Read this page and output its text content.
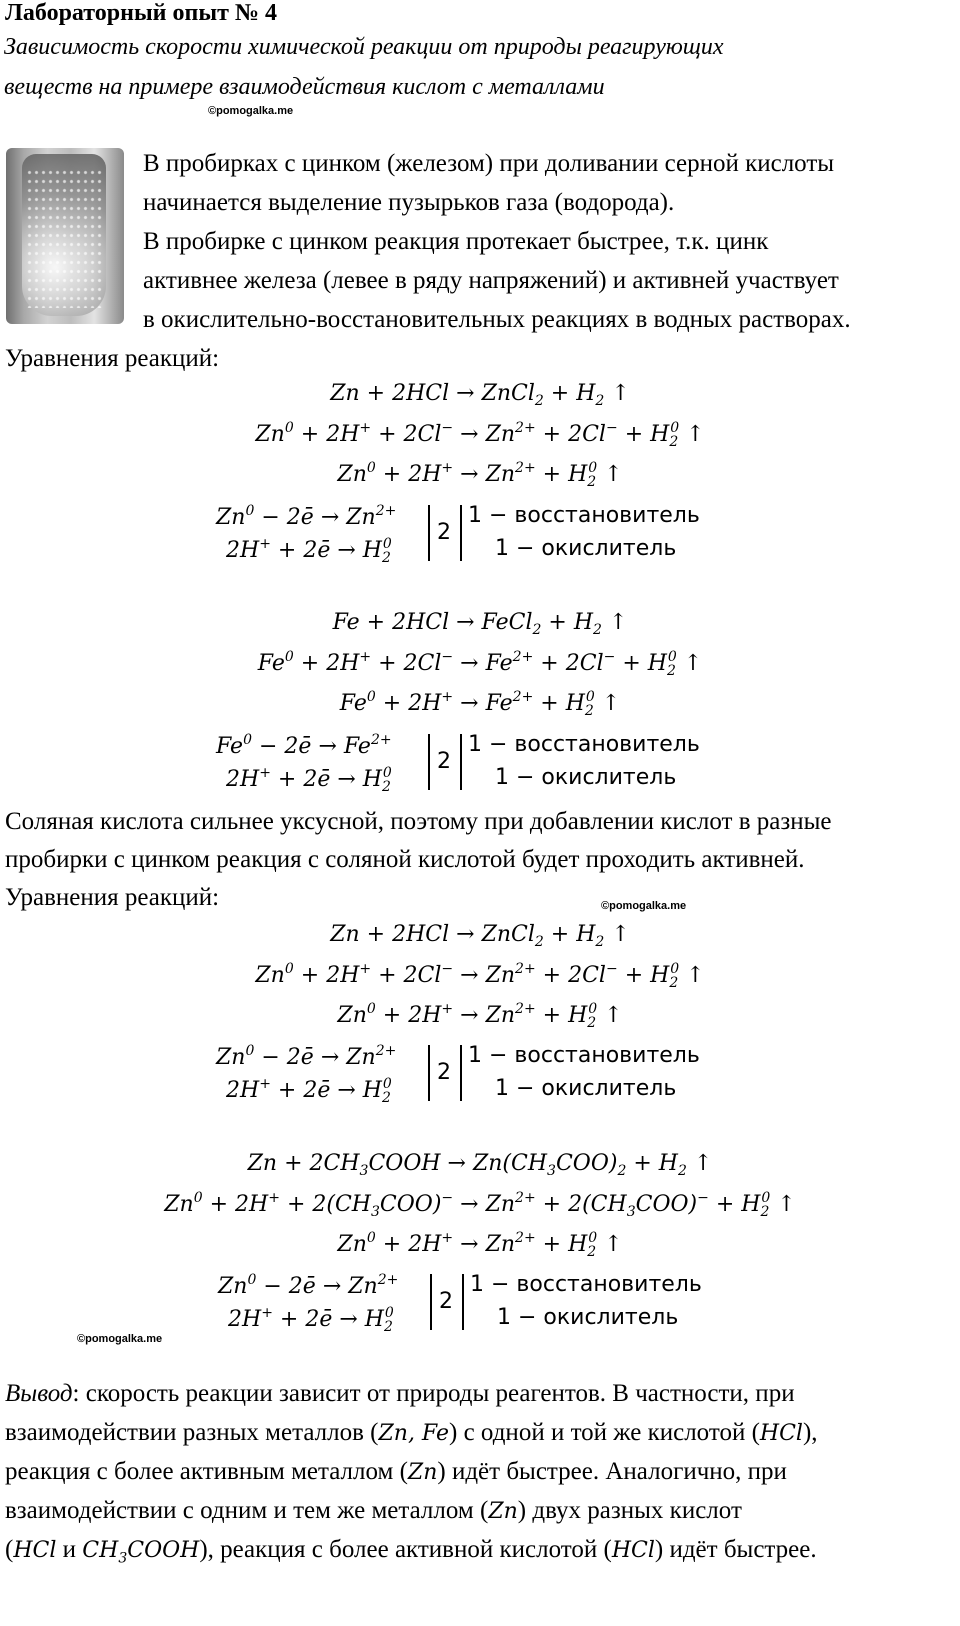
Лабораторный опыт № 4
Зависимость скорости химической реакции от природы реагирующих
веществ на примере взаимодействия кислот с металлами
©pomogalka.me
В пробирках с цинком (железом) при доливании серной кислоты
начинается выделение пузырьков газа (водорода).
В пробирке с цинком реакция протекает быстрее, т.к. цинк
активнее железа (левее в ряду напряжений) и активней участвует
в окислительно-восстановительных реакциях в водных растворах.
Уравнения реакций:
Zn + 2HCl → ZnCl$_2$ + $H_2$ ↑
$Zn^0 + 2H^+ + 2Cl^- \to Zn^{2+} + 2Cl^- + H_2^0$ ↑
$Zn^0 + 2H^+ \to Zn^{2+} + H_2^0$ ↑
$Zn^0$ − 2ē → $Zn^{2+}$
2H+ + 2ē → $H_2^0$ 2
1 − восстановитель
1 − окислитель
Fe + 2HCl → FeCl$_2$ + $H_2$ ↑
$Fe^0 + 2H^+ + 2Cl^- \to Fe^{2+} + 2Cl^- + H_2^0$ ↑
$Fe^0 + 2H^+ \to Fe^{2+} + H_2^0$ ↑
$Fe^0$ − 2ē → $Fe^{2+}$
2H+ + 2ē → $H_2^0$ 2
1 − восстановитель
1 − окислитель
Соляная кислота сильнее уксусной, поэтому при добавлении кислот в разные
пробирки с цинком реакция с соляной кислотой будет проходить активней.
Уравнения реакций:	©pomogalka.me
Zn + 2HCl → ZnCl$_2$ + $H_2$ ↑
$Zn^0 + 2H^+ + 2Cl^- \to Zn^{2+} + 2Cl^- + H_2^0$ ↑
$Zn^0 + 2H^+ \to Zn^{2+} + H_2^0$ ↑
$Zn^0$ − 2ē → $Zn^{2+}$
2H+ + 2ē → $H_2^0$ 2
1 − восстановитель
1 − окислитель
$Zn + 2CH_3COOH \to Zn(CH_3COO)_2 + H_2$ ↑
$Zn^0 + 2H^+ + 2(CH_3COO)^- \to Zn^{2+} + 2(CH_3COO)^- + H_2^0$ ↑
$Zn^0 + 2H^+ \to Zn^{2+} + H_2^0$ ↑
$Zn^0$ − 2ē → $Zn^{2+}$
2H+ + 2ē → $H_2^0$ 2
1 − восстановитель
1 − окислитель
©pomogalka.me
Вывод: скорость реакции зависит от природы реагентов. В частности, при
взаимодействии разных металлов (Zn, Fe) с одной и той же кислотой (HCl),
реакция с более активным металлом (Zn) идёт быстрее. Аналогично, при
взаимодействии с одним и тем же металлом (Zn) двух разных кислот
(HCl и $CH_3COOH$), реакция с более активной кислотой (HCl) идёт быстрее.
